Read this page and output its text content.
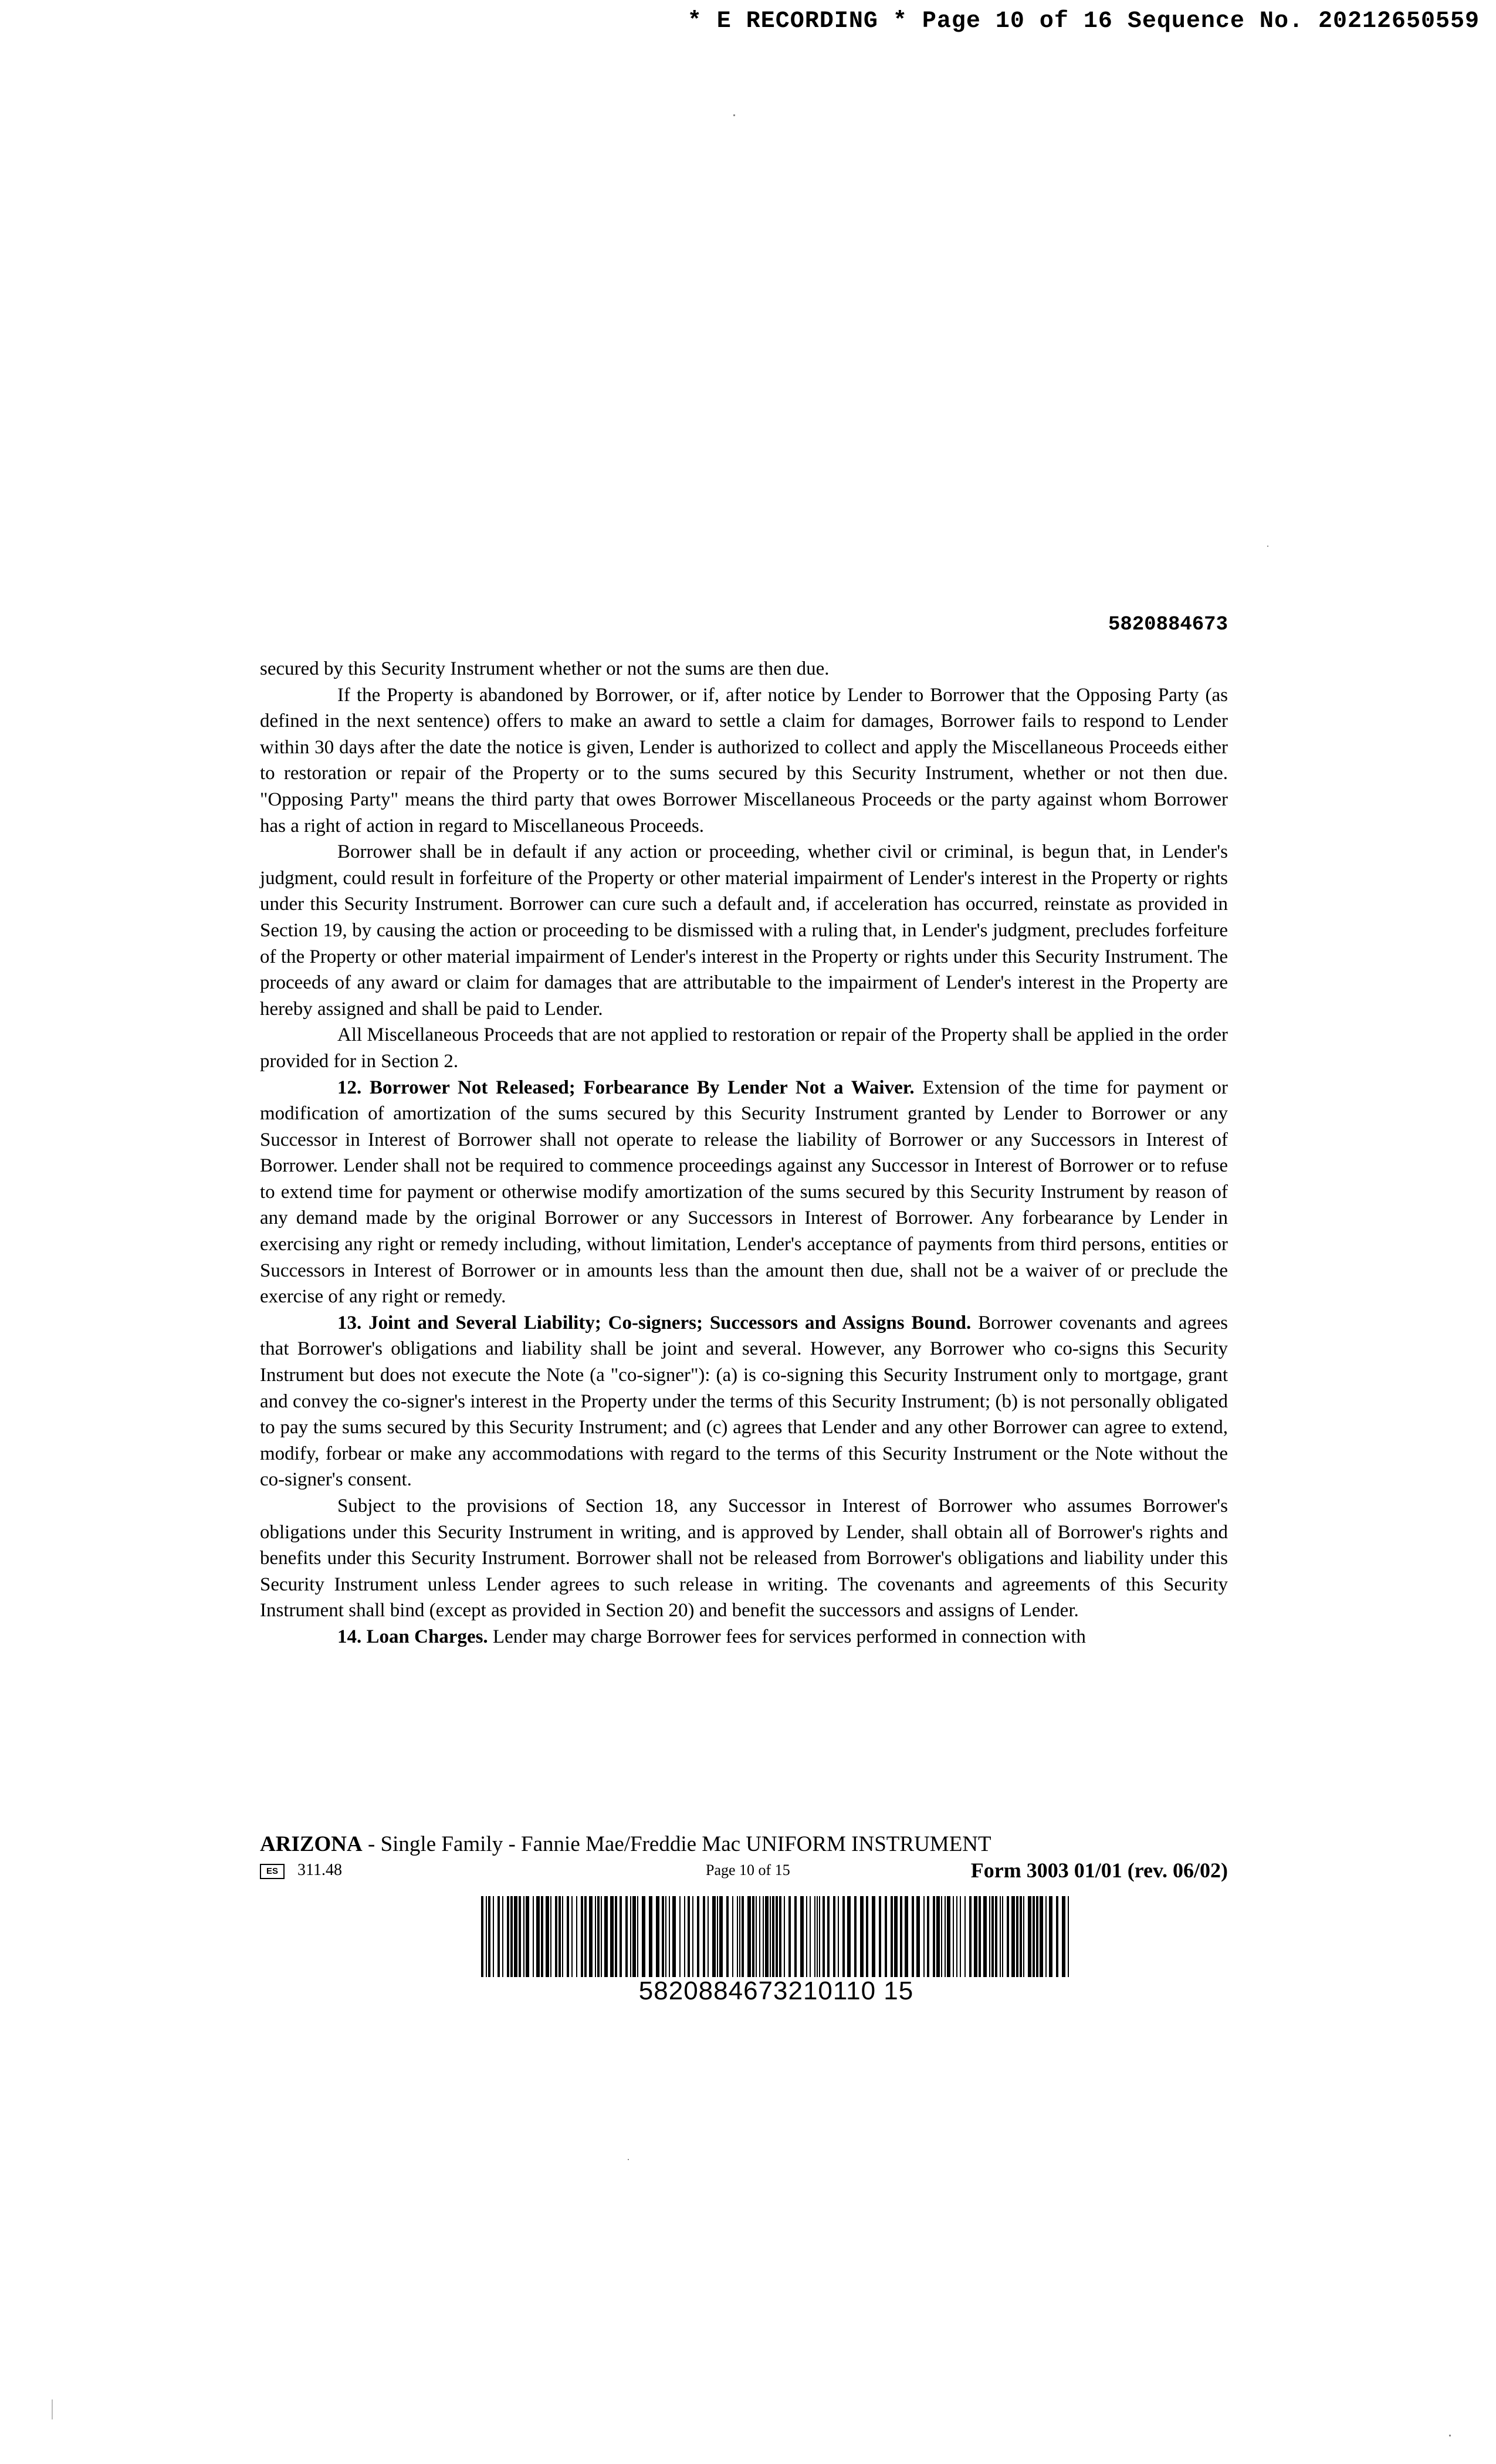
* E RECORDING * Page 10 of 16 Sequence No. 20212650559
5820884673

secured by this Security Instrument whether or not the sums are then due.

If the Property is abandoned by Borrower, or if, after notice by Lender to Borrower that the Opposing Party (as defined in the next sentence) offers to make an award to settle a claim for damages, Borrower fails to respond to Lender within 30 days after the date the notice is given, Lender is authorized to collect and apply the Miscellaneous Proceeds either to restoration or repair of the Property or to the sums secured by this Security Instrument, whether or not then due. "Opposing Party" means the third party that owes Borrower Miscellaneous Proceeds or the party against whom Borrower has a right of action in regard to Miscellaneous Proceeds.

Borrower shall be in default if any action or proceeding, whether civil or criminal, is begun that, in Lender's judgment, could result in forfeiture of the Property or other material impairment of Lender's interest in the Property or rights under this Security Instrument. Borrower can cure such a default and, if acceleration has occurred, reinstate as provided in Section 19, by causing the action or proceeding to be dismissed with a ruling that, in Lender's judgment, precludes forfeiture of the Property or other material impairment of Lender's interest in the Property or rights under this Security Instrument. The proceeds of any award or claim for damages that are attributable to the impairment of Lender's interest in the Property are hereby assigned and shall be paid to Lender.

All Miscellaneous Proceeds that are not applied to restoration or repair of the Property shall be applied in the order provided for in Section 2.

12. Borrower Not Released; Forbearance By Lender Not a Waiver. Extension of the time for payment or modification of amortization of the sums secured by this Security Instrument granted by Lender to Borrower or any Successor in Interest of Borrower shall not operate to release the liability of Borrower or any Successors in Interest of Borrower. Lender shall not be required to commence proceedings against any Successor in Interest of Borrower or to refuse to extend time for payment or otherwise modify amortization of the sums secured by this Security Instrument by reason of any demand made by the original Borrower or any Successors in Interest of Borrower. Any forbearance by Lender in exercising any right or remedy including, without limitation, Lender's acceptance of payments from third persons, entities or Successors in Interest of Borrower or in amounts less than the amount then due, shall not be a waiver of or preclude the exercise of any right or remedy.

13. Joint and Several Liability; Co-signers; Successors and Assigns Bound. Borrower covenants and agrees that Borrower's obligations and liability shall be joint and several. However, any Borrower who co-signs this Security Instrument but does not execute the Note (a "co-signer"): (a) is co-signing this Security Instrument only to mortgage, grant and convey the co-signer's interest in the Property under the terms of this Security Instrument; (b) is not personally obligated to pay the sums secured by this Security Instrument; and (c) agrees that Lender and any other Borrower can agree to extend, modify, forbear or make any accommodations with regard to the terms of this Security Instrument or the Note without the co-signer's consent.

Subject to the provisions of Section 18, any Successor in Interest of Borrower who assumes Borrower's obligations under this Security Instrument in writing, and is approved by Lender, shall obtain all of Borrower's rights and benefits under this Security Instrument. Borrower shall not be released from Borrower's obligations and liability under this Security Instrument unless Lender agrees to such release in writing. The covenants and agreements of this Security Instrument shall bind (except as provided in Section 20) and benefit the successors and assigns of Lender.

14. Loan Charges. Lender may charge Borrower fees for services performed in connection with

ARIZONA - Single Family - Fannie Mae/Freddie Mac UNIFORM INSTRUMENT
ES 311.48	Page 10 of 15	Form 3003 01/01 (rev. 06/02)
5820884673210110 15
